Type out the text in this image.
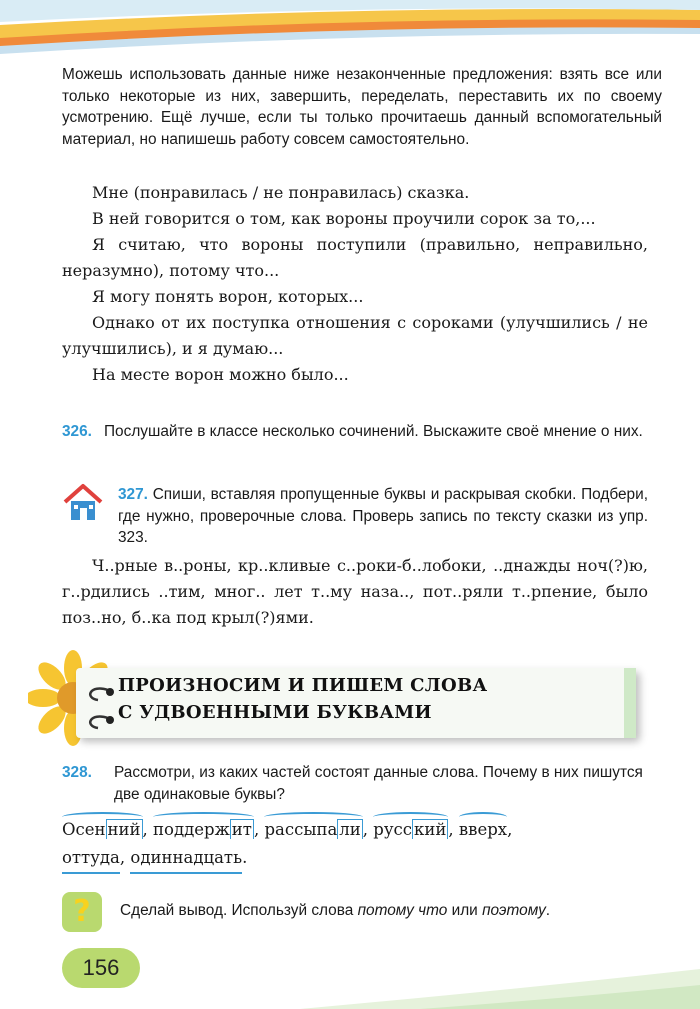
Можешь использовать данные ниже незаконченные предложения: взять все или только некоторые из них, завершить, переделать, переставить их по своему усмотрению. Ещё лучше, если ты только прочитаешь данный вспомогательный материал, но напишешь работу совсем самостоятельно.

Мне (понравилась / не понравилась) сказка.

В ней говорится о том, как вороны проучили сорок за то,...

Я считаю, что вороны поступили (правильно, неправильно, неразумно), потому что...

Я могу понять ворон, которых...

Однако от их поступка отношения с сороками (улучшились / не улучшились), и я думаю...

На месте ворон можно было...

326. Послушайте в классе несколько сочинений. Выскажите своё мнение о них.
327. Спиши, вставляя пропущенные буквы и раскрывая скобки. Подбери, где нужно, проверочные слова. Проверь запись по тексту сказки из упр. 323.

Ч..рные в..роны, кр..кливые с..роки-б..лобоки, ..днажды ноч(?)ю, г..рдились ..тим, мног.. лет т..му наза.., пот..ряли т..рпение, было поз..но, б..ка под крыл(?)ями.

ПРОИЗНОСИМ И ПИШЕМ СЛОВА
С УДВОЕННЫМИ БУКВАМИ
328.	Рассмотри, из каких частей состоят данные слова. Почему в них пишутся две одинаковые буквы?
Осен ний , поддерж ит , рассыпа ли , русс кий , вверх,
оттуда, одиннадцать.
?	Сделай вывод. Используй слова потому что или поэтому.
156
